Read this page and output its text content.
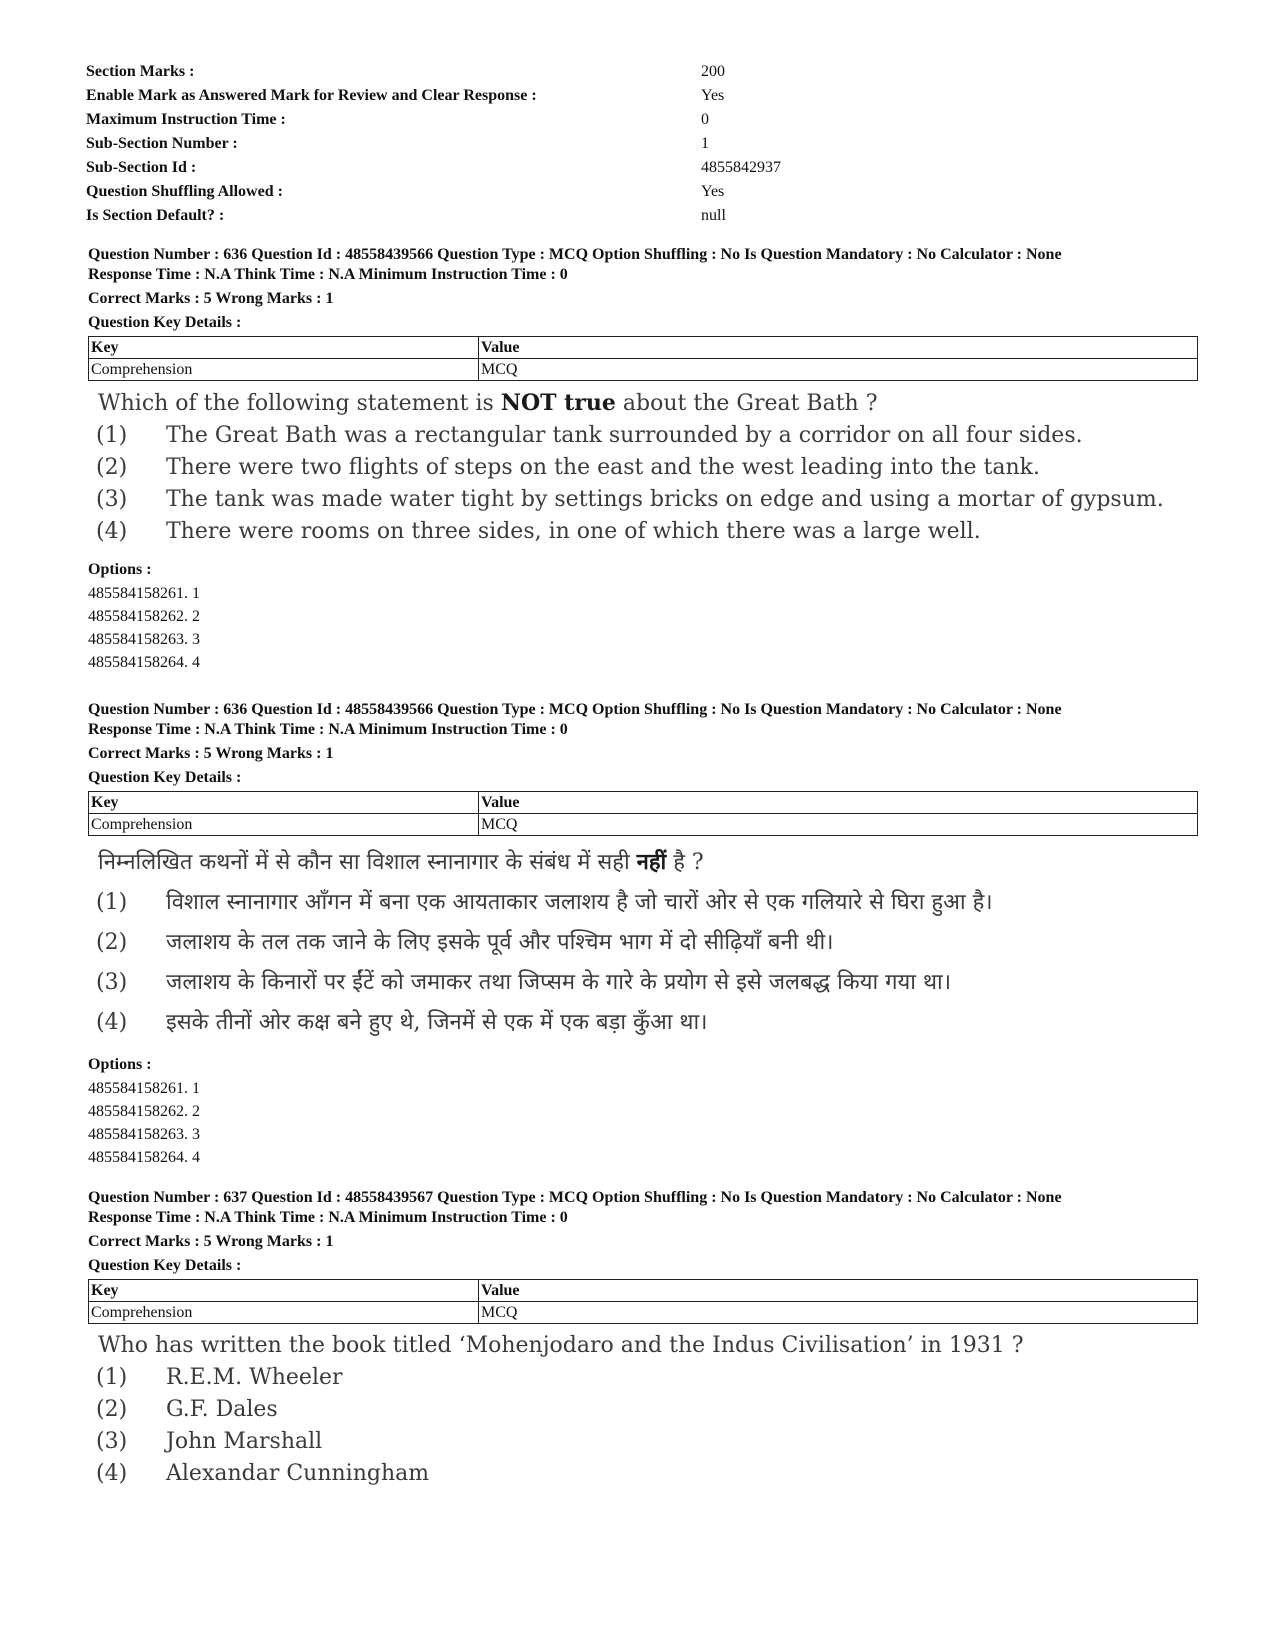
Section Marks :	200
Enable Mark as Answered Mark for Review and Clear Response :	Yes
Maximum Instruction Time :	0
Sub-Section Number :	1
Sub-Section Id :	4855842937
Question Shuffling Allowed :	Yes
Is Section Default? :	null
Question Number : 636 Question Id : 48558439566 Question Type : MCQ Option Shuffling : No Is Question Mandatory : No Calculator : None
Response Time : N.A Think Time : N.A Minimum Instruction Time : 0
Correct Marks : 5 Wrong Marks : 1
Question Key Details :
Key	Value
Comprehension	MCQ
Which of the following statement is NOT true about the Great Bath ?
(1)	The Great Bath was a rectangular tank surrounded by a corridor on all four sides.
(2)	There were two flights of steps on the east and the west leading into the tank.
(3)	The tank was made water tight by settings bricks on edge and using a mortar of gypsum.
(4)	There were rooms on three sides, in one of which there was a large well.
Options :
485584158261. 1
485584158262. 2
485584158263. 3
485584158264. 4
Question Number : 636 Question Id : 48558439566 Question Type : MCQ Option Shuffling : No Is Question Mandatory : No Calculator : None
Response Time : N.A Think Time : N.A Minimum Instruction Time : 0
Correct Marks : 5 Wrong Marks : 1
Question Key Details :
Key	Value
Comprehension	MCQ
निम्नलिखित कथनों में से कौन सा विशाल स्नानागार के संबंध में सही नहीं है ?
(1)	विशाल स्नानागार आँगन में बना एक आयताकार जलाशय है जो चारों ओर से एक गलियारे से घिरा हुआ है।
(2)	जलाशय के तल तक जाने के लिए इसके पूर्व और पश्चिम भाग में दो सीढ़ियाँ बनी थी।
(3)	जलाशय के किनारों पर ईंटें को जमाकर तथा जिप्सम के गारे के प्रयोग से इसे जलबद्ध किया गया था।
(4)	इसके तीनों ओर कक्ष बने हुए थे, जिनमें से एक में एक बड़ा कुँआ था।
Options :
485584158261. 1
485584158262. 2
485584158263. 3
485584158264. 4
Question Number : 637 Question Id : 48558439567 Question Type : MCQ Option Shuffling : No Is Question Mandatory : No Calculator : None
Response Time : N.A Think Time : N.A Minimum Instruction Time : 0
Correct Marks : 5 Wrong Marks : 1
Question Key Details :
Key	Value
Comprehension	MCQ
Who has written the book titled ‘Mohenjodaro and the Indus Civilisation’ in 1931 ?
(1)	R.E.M. Wheeler
(2)	G.F. Dales
(3)	John Marshall
(4)	Alexandar Cunningham
